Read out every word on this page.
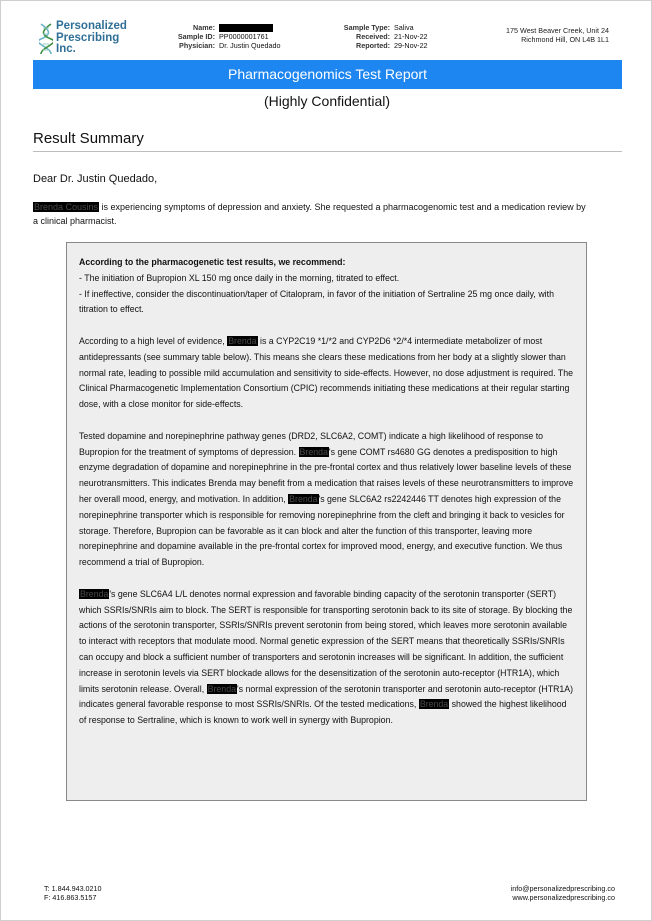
Personalized
Prescribing
Inc.
Name:
Sample ID: PP0000001761
Physician: Dr. Justin Quedado
Sample Type: Saliva
Received: 21-Nov-22
Reported: 29-Nov-22
175 West Beaver Creek, Unit 24
Richmond Hill, ON L4B 1L1
Pharmacogenomics Test Report
(Highly Confidential)
Result Summary
Dear Dr. Justin Quedado,
Brenda Cousins is experiencing symptoms of depression and anxiety. She requested a pharmacogenomic test and a medication review by a clinical pharmacist.

According to the pharmacogenetic test results, we recommend:

- The initiation of Bupropion XL 150 mg once daily in the morning, titrated to effect.

- If ineffective, consider the discontinuation/taper of Citalopram, in favor of the initiation of Sertraline 25 mg once daily, with titration to effect.

According to a high level of evidence, Brenda is a CYP2C19 *1/*2 and CYP2D6 *2/*4 intermediate metabolizer of most antidepressants (see summary table below). This means she clears these medications from her body at a slightly slower than normal rate, leading to possible mild accumulation and sensitivity to side-effects. However, no dose adjustment is required. The Clinical Pharmacogenetic Implementation Consortium (CPIC) recommends initiating these medications at their regular starting dose, with a close monitor for side-effects.

Tested dopamine and norepinephrine pathway genes (DRD2, SLC6A2, COMT) indicate a high likelihood of response to Bupropion for the treatment of symptoms of depression. Brenda's gene COMT rs4680 GG denotes a predisposition to high enzyme degradation of dopamine and norepinephrine in the pre-frontal cortex and thus relatively lower baseline levels of these neurotransmitters. This indicates Brenda may benefit from a medication that raises levels of these neurotransmitters to improve her overall mood, energy, and motivation. In addition, Brenda's gene SLC6A2 rs2242446 TT denotes high expression of the norepinephrine transporter which is responsible for removing norepinephrine from the cleft and bringing it back to vesicles for storage. Therefore, Bupropion can be favorable as it can block and alter the function of this transporter, leaving more norepinephrine and dopamine available in the pre-frontal cortex for improved mood, energy, and executive function. We thus recommend a trial of Bupropion.

Brenda's gene SLC6A4 L/L denotes normal expression and favorable binding capacity of the serotonin transporter (SERT) which SSRIs/SNRIs aim to block. The SERT is responsible for transporting serotonin back to its site of storage. By blocking the actions of the serotonin transporter, SSRIs/SNRIs prevent serotonin from being stored, which leaves more serotonin available to interact with receptors that modulate mood. Normal genetic expression of the SERT means that theoretically SSRIs/SNRIs can occupy and block a sufficient number of transporters and serotonin increases will be significant. In addition, the sufficient increase in serotonin levels via SERT blockade allows for the desensitization of the serotonin auto-receptor (HTR1A), which limits serotonin release. Overall, Brenda's normal expression of the serotonin transporter and serotonin auto-receptor (HTR1A) indicates general favorable response to most SSRIs/SNRIs. Of the tested medications, Brenda showed the highest likelihood of response to Sertraline, which is known to work well in synergy with Bupropion.

T: 1.844.943.0210
F: 416.863.5157
info@personalizedprescribing.co
www.personalizedprescribing.co
